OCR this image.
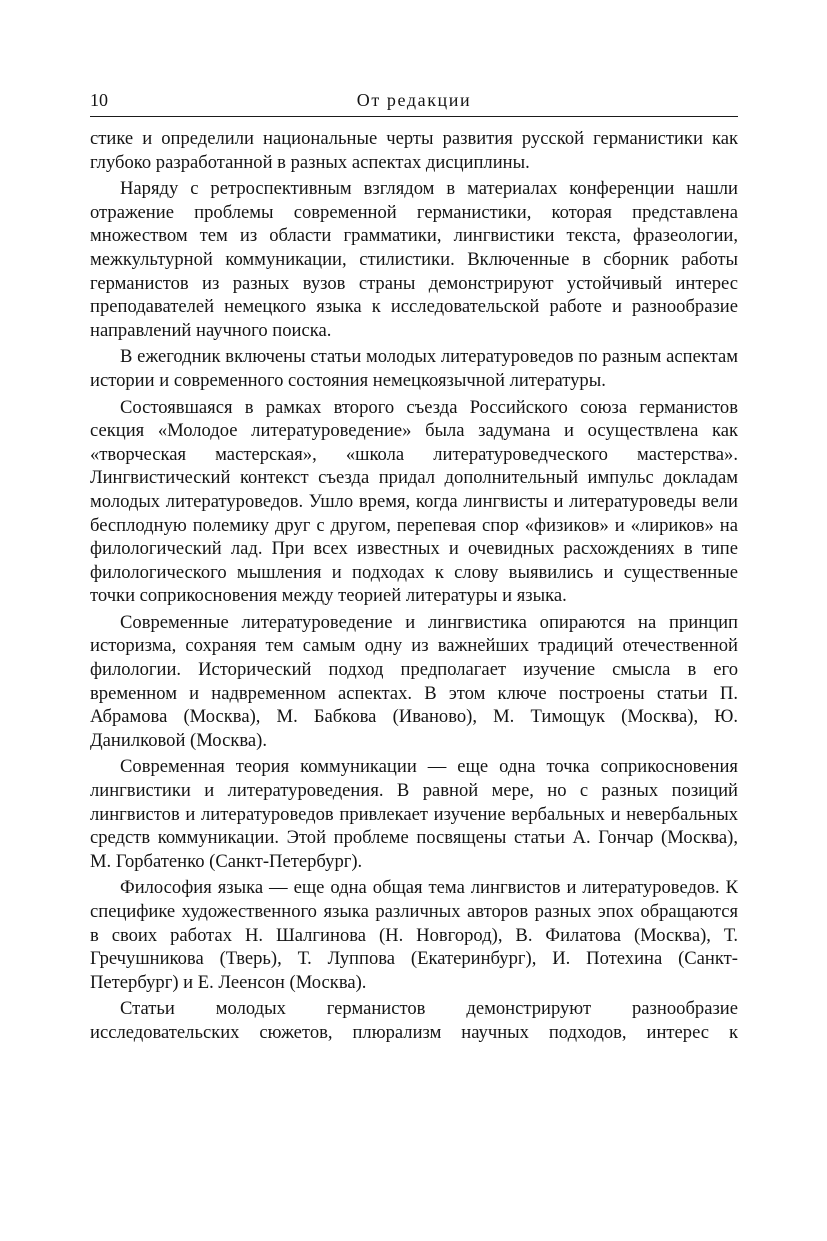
10	От редакции

стике и определили национальные черты развития русской германистики как глубоко разработанной в разных аспектах дисциплины.

Наряду с ретроспективным взглядом в материалах конференции нашли отражение проблемы современной германистики, которая представлена множеством тем из области грамматики, лингвистики текста, фразеологии, межкультурной коммуникации, стилистики. Включенные в сборник работы германистов из разных вузов страны демонстрируют устойчивый интерес преподавателей немецкого языка к исследовательской работе и разнообразие направлений научного поиска.

В ежегодник включены статьи молодых литературоведов по разным аспектам истории и современного состояния немецкоязычной литературы.

Состоявшаяся в рамках второго съезда Российского союза германистов секция «Молодое литературоведение» была задумана и осуществлена как «творческая мастерская», «школа литературоведческого мастерства». Лингвистический контекст съезда придал дополнительный импульс докладам молодых литературоведов. Ушло время, когда лингвисты и литературоведы вели бесплодную полемику друг с другом, перепевая спор «физиков» и «лириков» на филологический лад. При всех известных и очевидных расхождениях в типе филологического мышления и подходах к слову выявились и существенные точки соприкосновения между теорией литературы и языка.

Современные литературоведение и лингвистика опираются на принцип историзма, сохраняя тем самым одну из важнейших традиций отечественной филологии. Исторический подход предполагает изучение смысла в его временном и надвременном аспектах. В этом ключе построены статьи П. Абрамова (Москва), М. Бабкова (Иваново), М. Тимощук (Москва), Ю. Данилковой (Москва).

Современная теория коммуникации — еще одна точка соприкосновения лингвистики и литературоведения. В равной мере, но с разных позиций лингвистов и литературоведов привлекает изучение вербальных и невербальных средств коммуникации. Этой проблеме посвящены статьи А. Гончар (Москва), М. Горбатенко (Санкт-Петербург).

Философия языка — еще одна общая тема лингвистов и литературоведов. К специфике художественного языка различных авторов разных эпох обращаются в своих работах Н. Шалгинова (Н. Новгород), В. Филатова (Москва), Т. Гречушникова (Тверь), Т. Луппова (Екатеринбург), И. Потехина (Санкт-Петербург) и Е. Леенсон (Москва).

Статьи молодых германистов демонстрируют разнообразие исследовательских сюжетов, плюрализм научных подходов, интерес к
